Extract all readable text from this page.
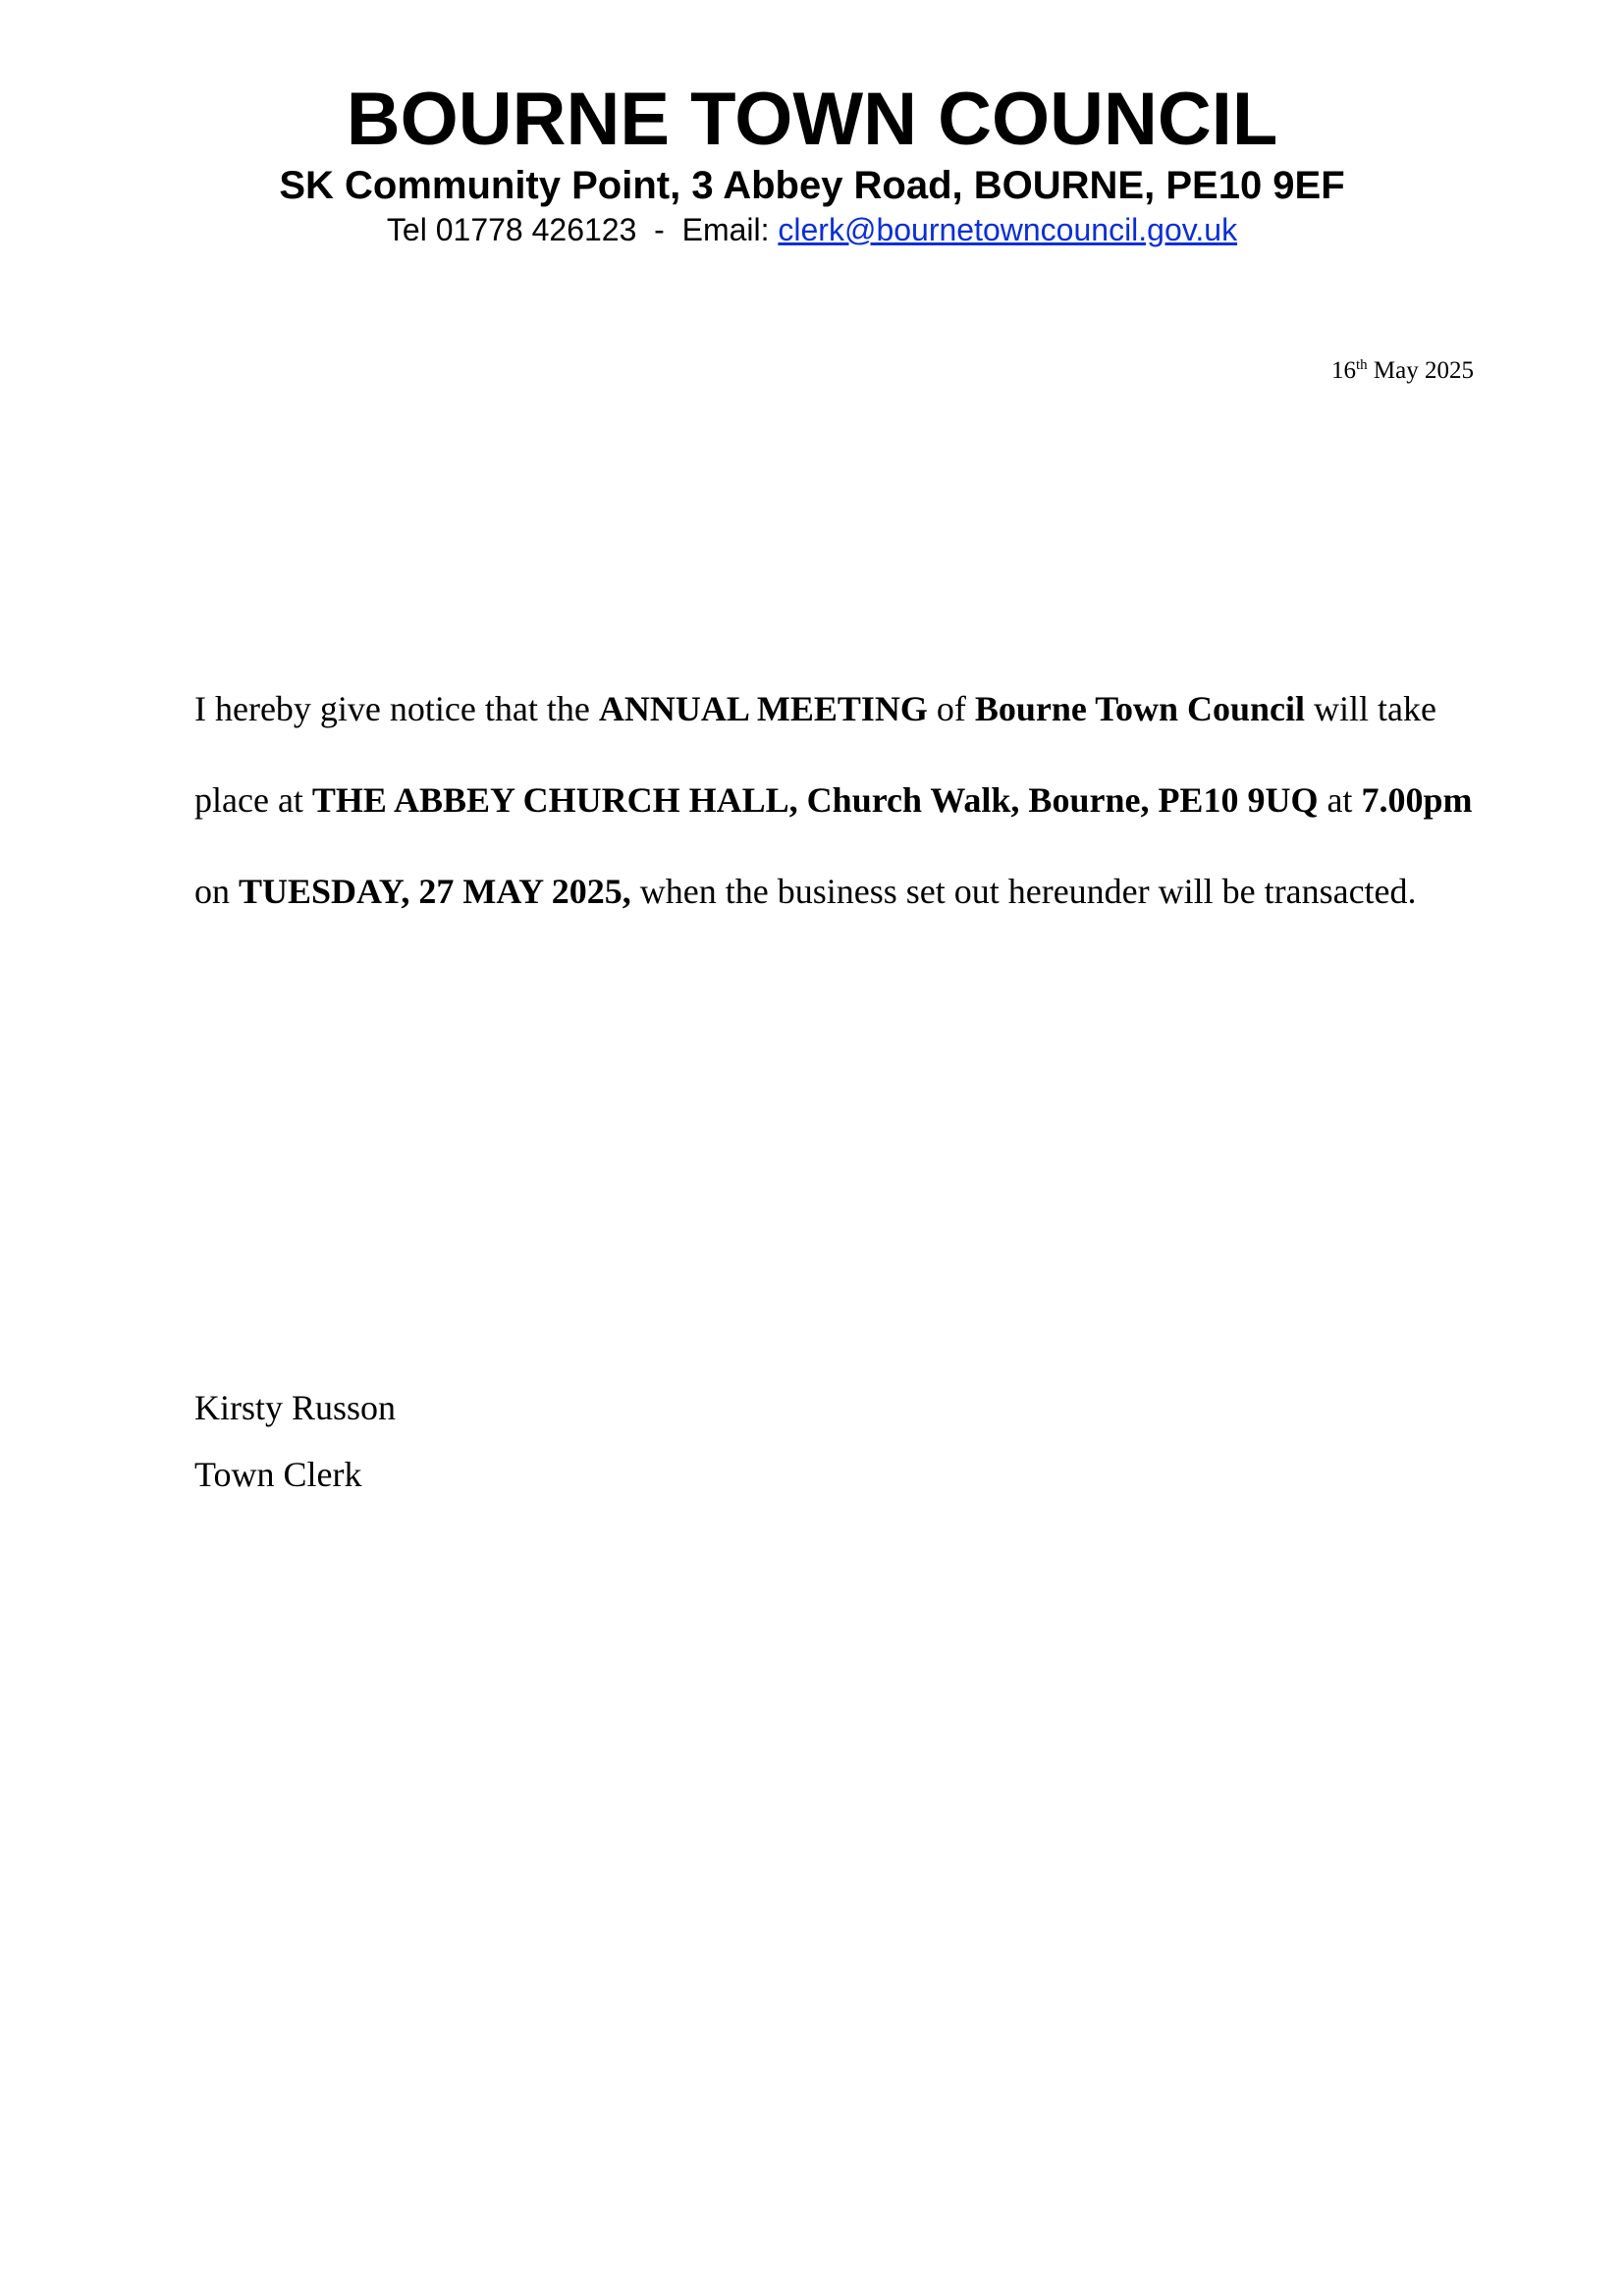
BOURNE TOWN COUNCIL

SK Community Point, 3 Abbey Road, BOURNE, PE10 9EF

Tel 01778 426123  -  Email: clerk@bournetowncouncil.gov.uk

16th May 2025

I hereby give notice that the ANNUAL MEETING of Bourne Town Council will take place at THE ABBEY CHURCH HALL, Church Walk, Bourne, PE10 9UQ at 7.00pm on TUESDAY, 27 MAY 2025, when the business set out hereunder will be transacted.

Kirsty Russon
Town Clerk
